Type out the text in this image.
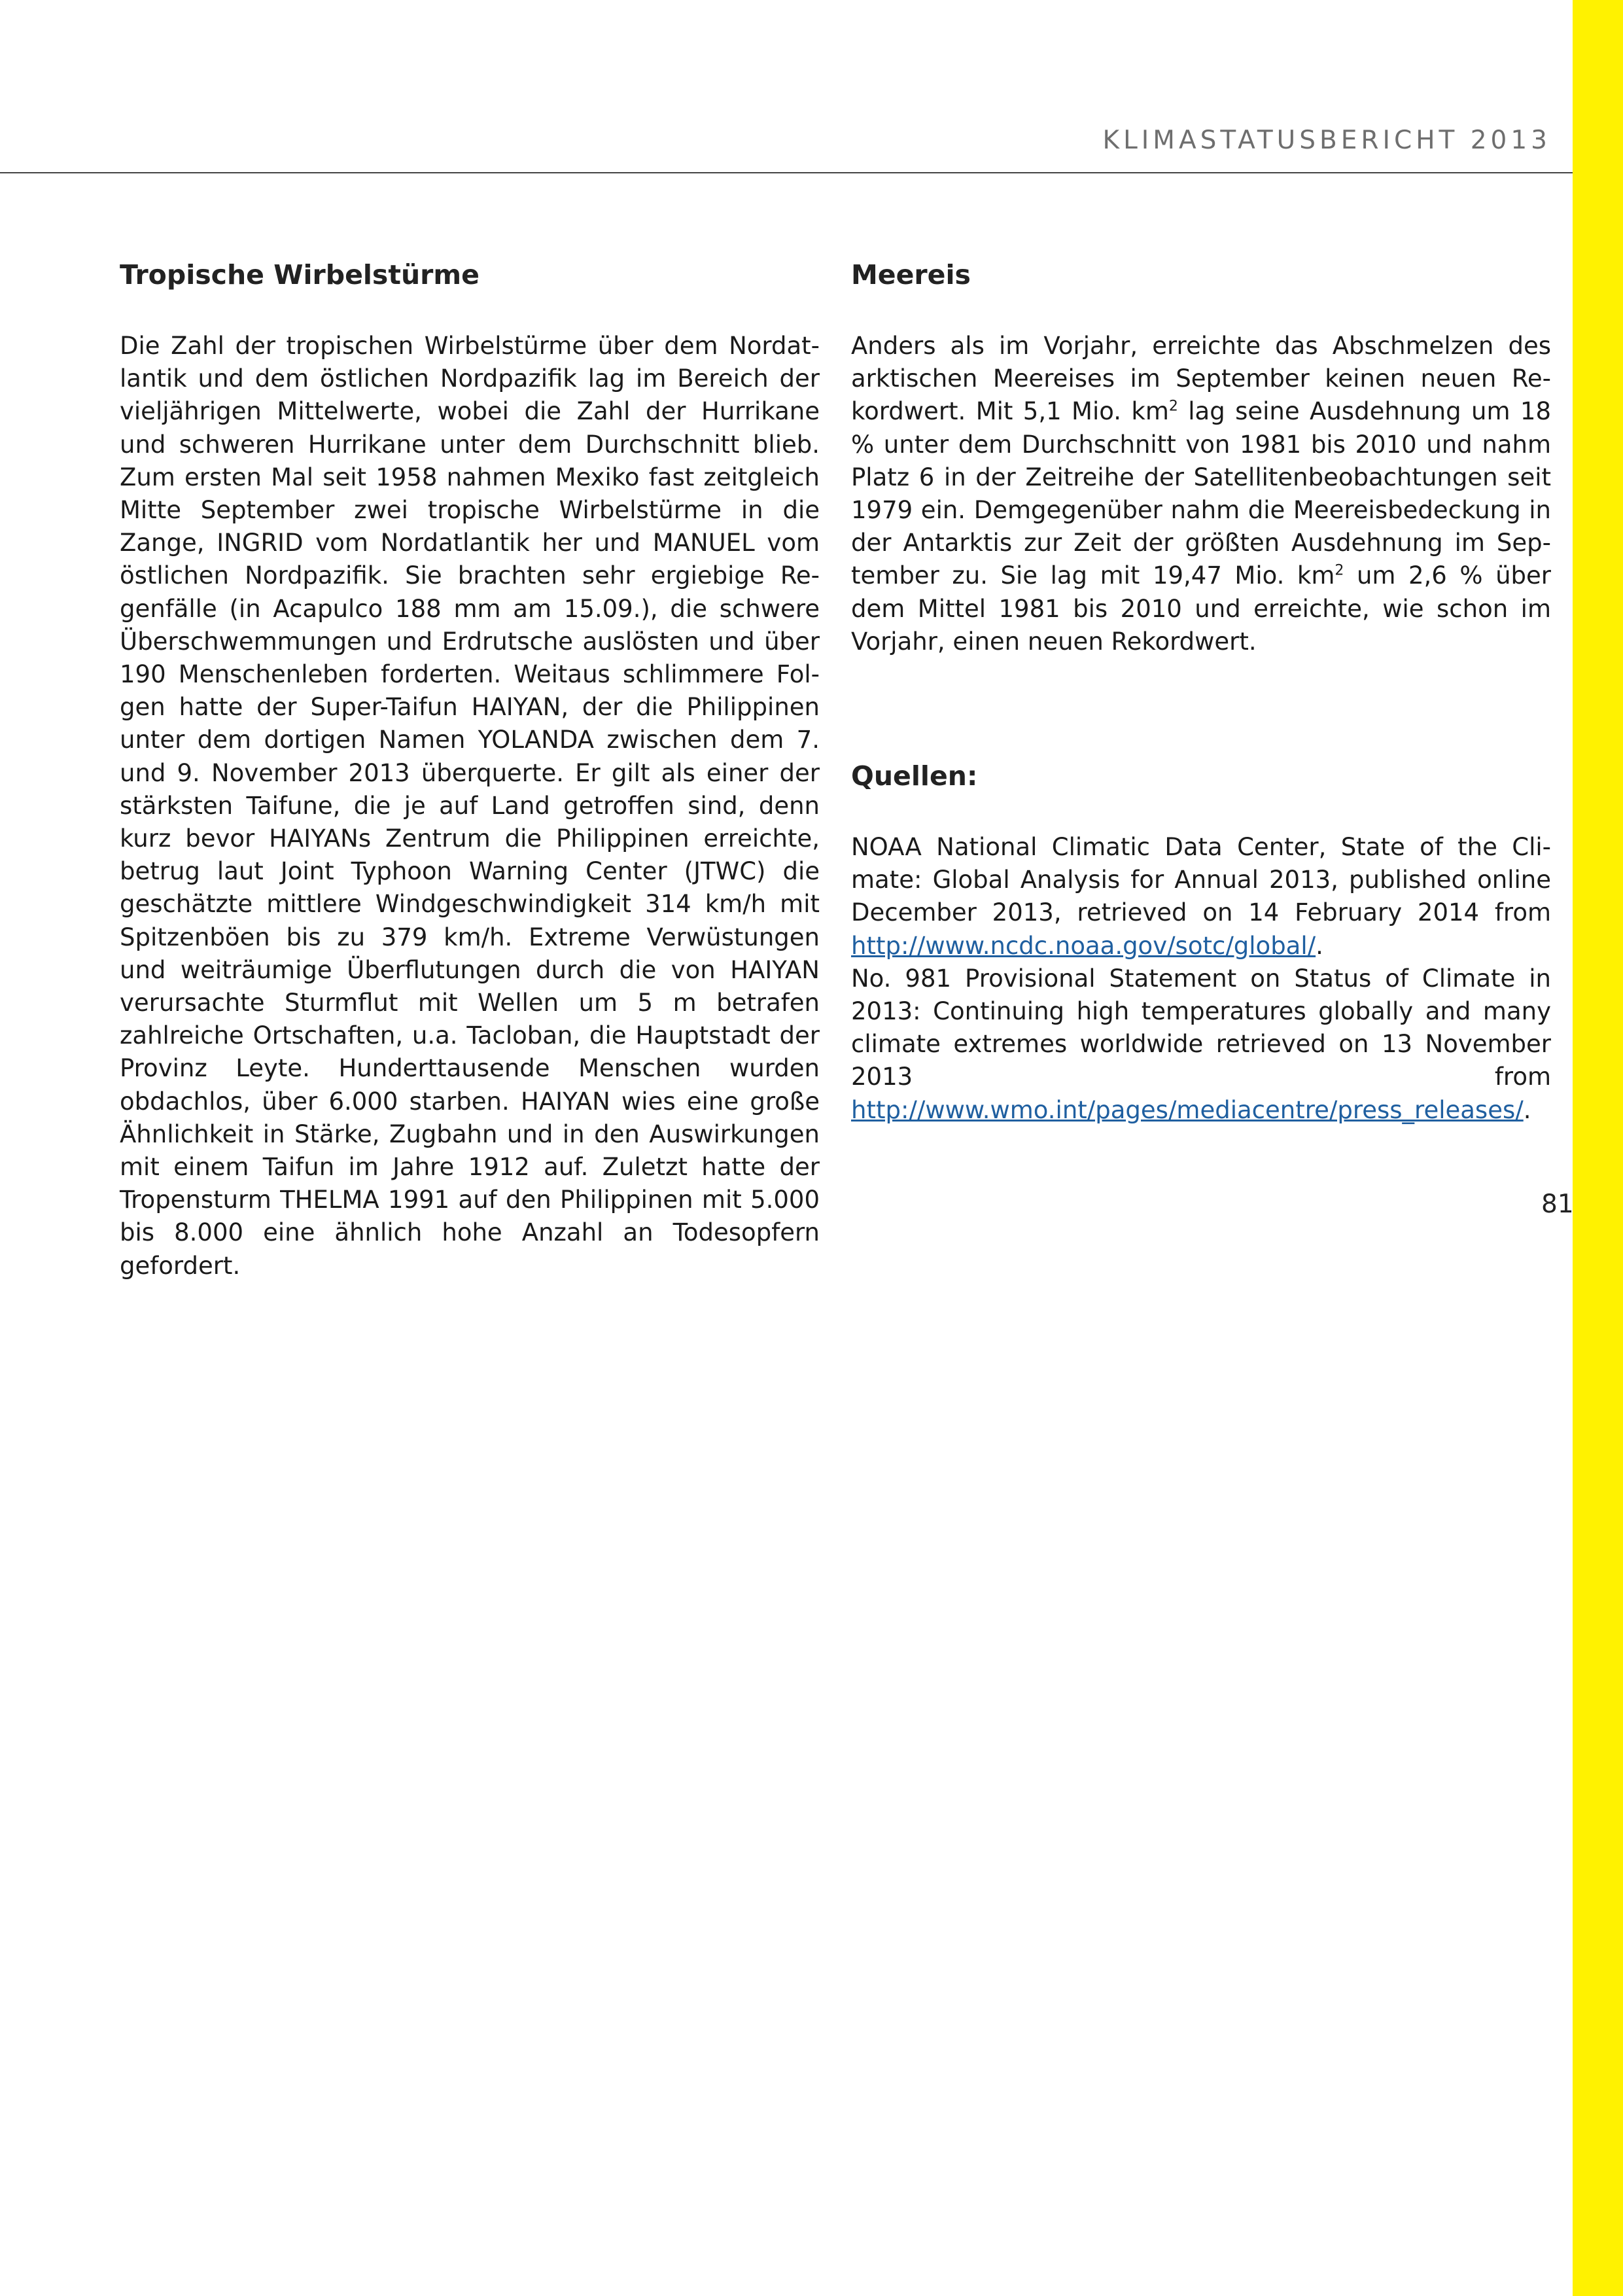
KLIMASTATUSBERICHT 2013
Tropische Wirbelstürme

Die Zahl der tropischen Wirbelstürme über dem Nordatlantik und dem östlichen Nordpazifik lag im Bereich der vieljährigen Mittelwerte, wobei die Zahl der Hurrikane und schweren Hurrikane unter dem Durchschnitt blieb. Zum ersten Mal seit 1958 nahmen Mexiko fast zeitgleich Mitte September zwei tropische Wirbelstürme in die Zange, INGRID vom Nordatlantik her und MANUEL vom östlichen Nordpazifik. Sie brachten sehr ergiebige Regenfälle (in Acapulco 188 mm am 15.09.), die schwere Überschwemmungen und Erdrutsche auslösten und über 190 Menschenleben forderten. Weitaus schlimmere Folgen hatte der Super-Taifun HAIYAN, der die Philippinen unter dem dortigen Namen YOLANDA zwischen dem 7. und 9. November 2013 überquerte. Er gilt als einer der stärksten Taifune, die je auf Land getroffen sind, denn kurz bevor HAIYANs Zentrum die Philippinen erreichte, betrug laut Joint Typhoon Warning Center (JTWC) die geschätzte mittlere Windgeschwindigkeit 314 km/h mit Spitzenböen bis zu 379 km/h. Extreme Verwüstungen und weiträumige Überflutungen durch die von HAIYAN verursachte Sturmflut mit Wellen um 5 m betrafen zahlreiche Ortschaften, u.a. Tacloban, die Hauptstadt der Provinz Leyte. Hunderttausende Menschen wurden obdachlos, über 6.000 starben. HAIYAN wies eine große Ähnlichkeit in Stärke, Zugbahn und in den Auswirkungen mit einem Taifun im Jahre 1912 auf. Zuletzt hatte der Tropensturm THELMA 1991 auf den Philippinen mit 5.000 bis 8.000 eine ähnlich hohe Anzahl an Todesopfern gefordert.

Meereis

Anders als im Vorjahr, erreichte das Abschmelzen des arktischen Meereises im September keinen neuen Rekordwert. Mit 5,1 Mio. $km^2$ lag seine Ausdehnung um 18 % unter dem Durchschnitt von 1981 bis 2010 und nahm Platz 6 in der Zeitreihe der Satellitenbeobachtungen seit 1979 ein. Demgegenüber nahm die Meereisbedeckung in der Antarktis zur Zeit der größten Ausdehnung im September zu. Sie lag mit 19,47 Mio. $km^2$ um 2,6 % über dem Mittel 1981 bis 2010 und erreichte, wie schon im Vorjahr, einen neuen Rekordwert.

Quellen:

NOAA National Climatic Data Center, State of the Climate: Global Analysis for Annual 2013, published online December 2013, retrieved on 14 February 2014 from http://www.ncdc.noaa.gov/sotc/global/.

No. 981 Provisional Statement on Status of Climate in 2013: Continuing high temperatures globally and many climate extremes worldwide retrieved on 13 November 2013 from http://www.wmo.int/pages/mediacentre/press_releases/.

81
